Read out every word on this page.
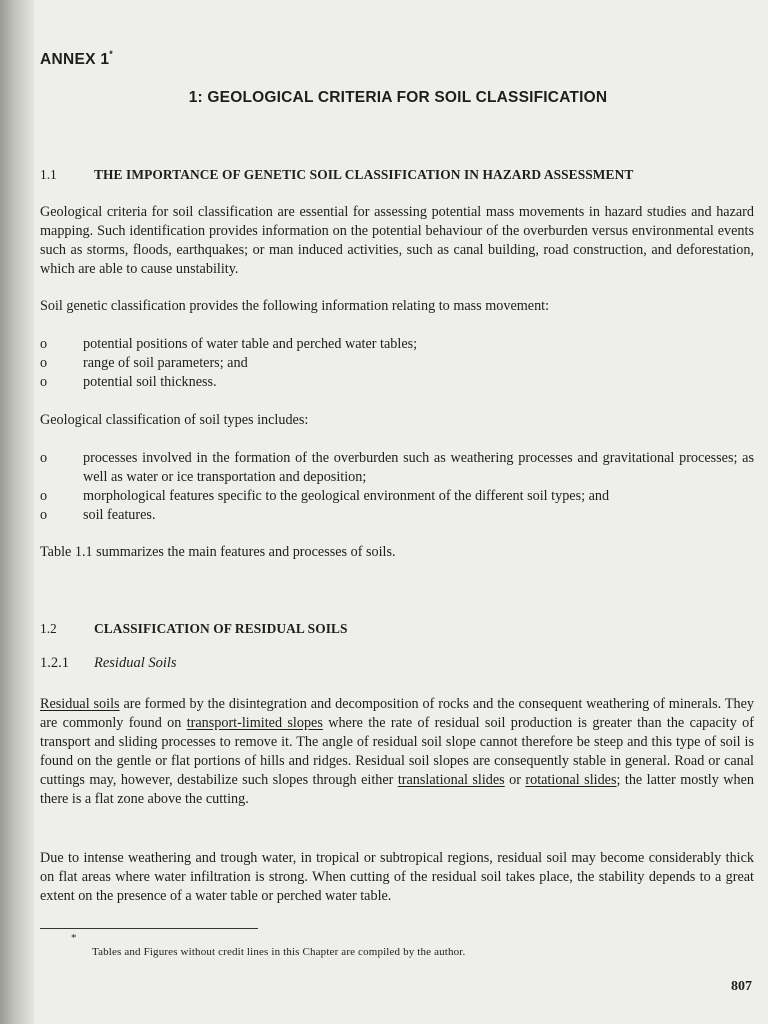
ANNEX 1*
1: GEOLOGICAL CRITERIA FOR SOIL CLASSIFICATION
1.1	THE IMPORTANCE OF GENETIC SOIL CLASSIFICATION IN HAZARD ASSESSMENT
Geological criteria for soil classification are essential for assessing potential mass movements in hazard studies and hazard mapping. Such identification provides information on the potential behaviour of the overburden versus environmental events such as storms, floods, earthquakes; or man induced activities, such as canal building, road construction, and deforestation, which are able to cause unstability.
Soil genetic classification provides the following information relating to mass movement:
o	potential positions of water table and perched water tables;
o	range of soil parameters; and
o	potential soil thickness.
Geological classification of soil types includes:
o	processes involved in the formation of the overburden such as weathering processes and gravitational processes; as well as water or ice transportation and deposition;
o	morphological features specific to the geological environment of the different soil types; and
o	soil features.
Table 1.1 summarizes the main features and processes of soils.
1.2	CLASSIFICATION OF RESIDUAL SOILS
1.2.1 Residual Soils
Residual soils are formed by the disintegration and decomposition of rocks and the consequent weathering of minerals. They are commonly found on transport-limited slopes where the rate of residual soil production is greater than the capacity of transport and sliding processes to remove it. The angle of residual soil slope cannot therefore be steep and this type of soil is found on the gentle or flat portions of hills and ridges. Residual soil slopes are consequently stable in general. Road or canal cuttings may, however, destabilize such slopes through either translational slides or rotational slides; the latter mostly when there is a flat zone above the cutting.
Due to intense weathering and trough water, in tropical or subtropical regions, residual soil may become considerably thick on flat areas where water infiltration is strong. When cutting of the residual soil takes place, the stability depends to a great extent on the presence of a water table or perched water table.
*
Tables and Figures without credit lines in this Chapter are compiled by the author.
807
